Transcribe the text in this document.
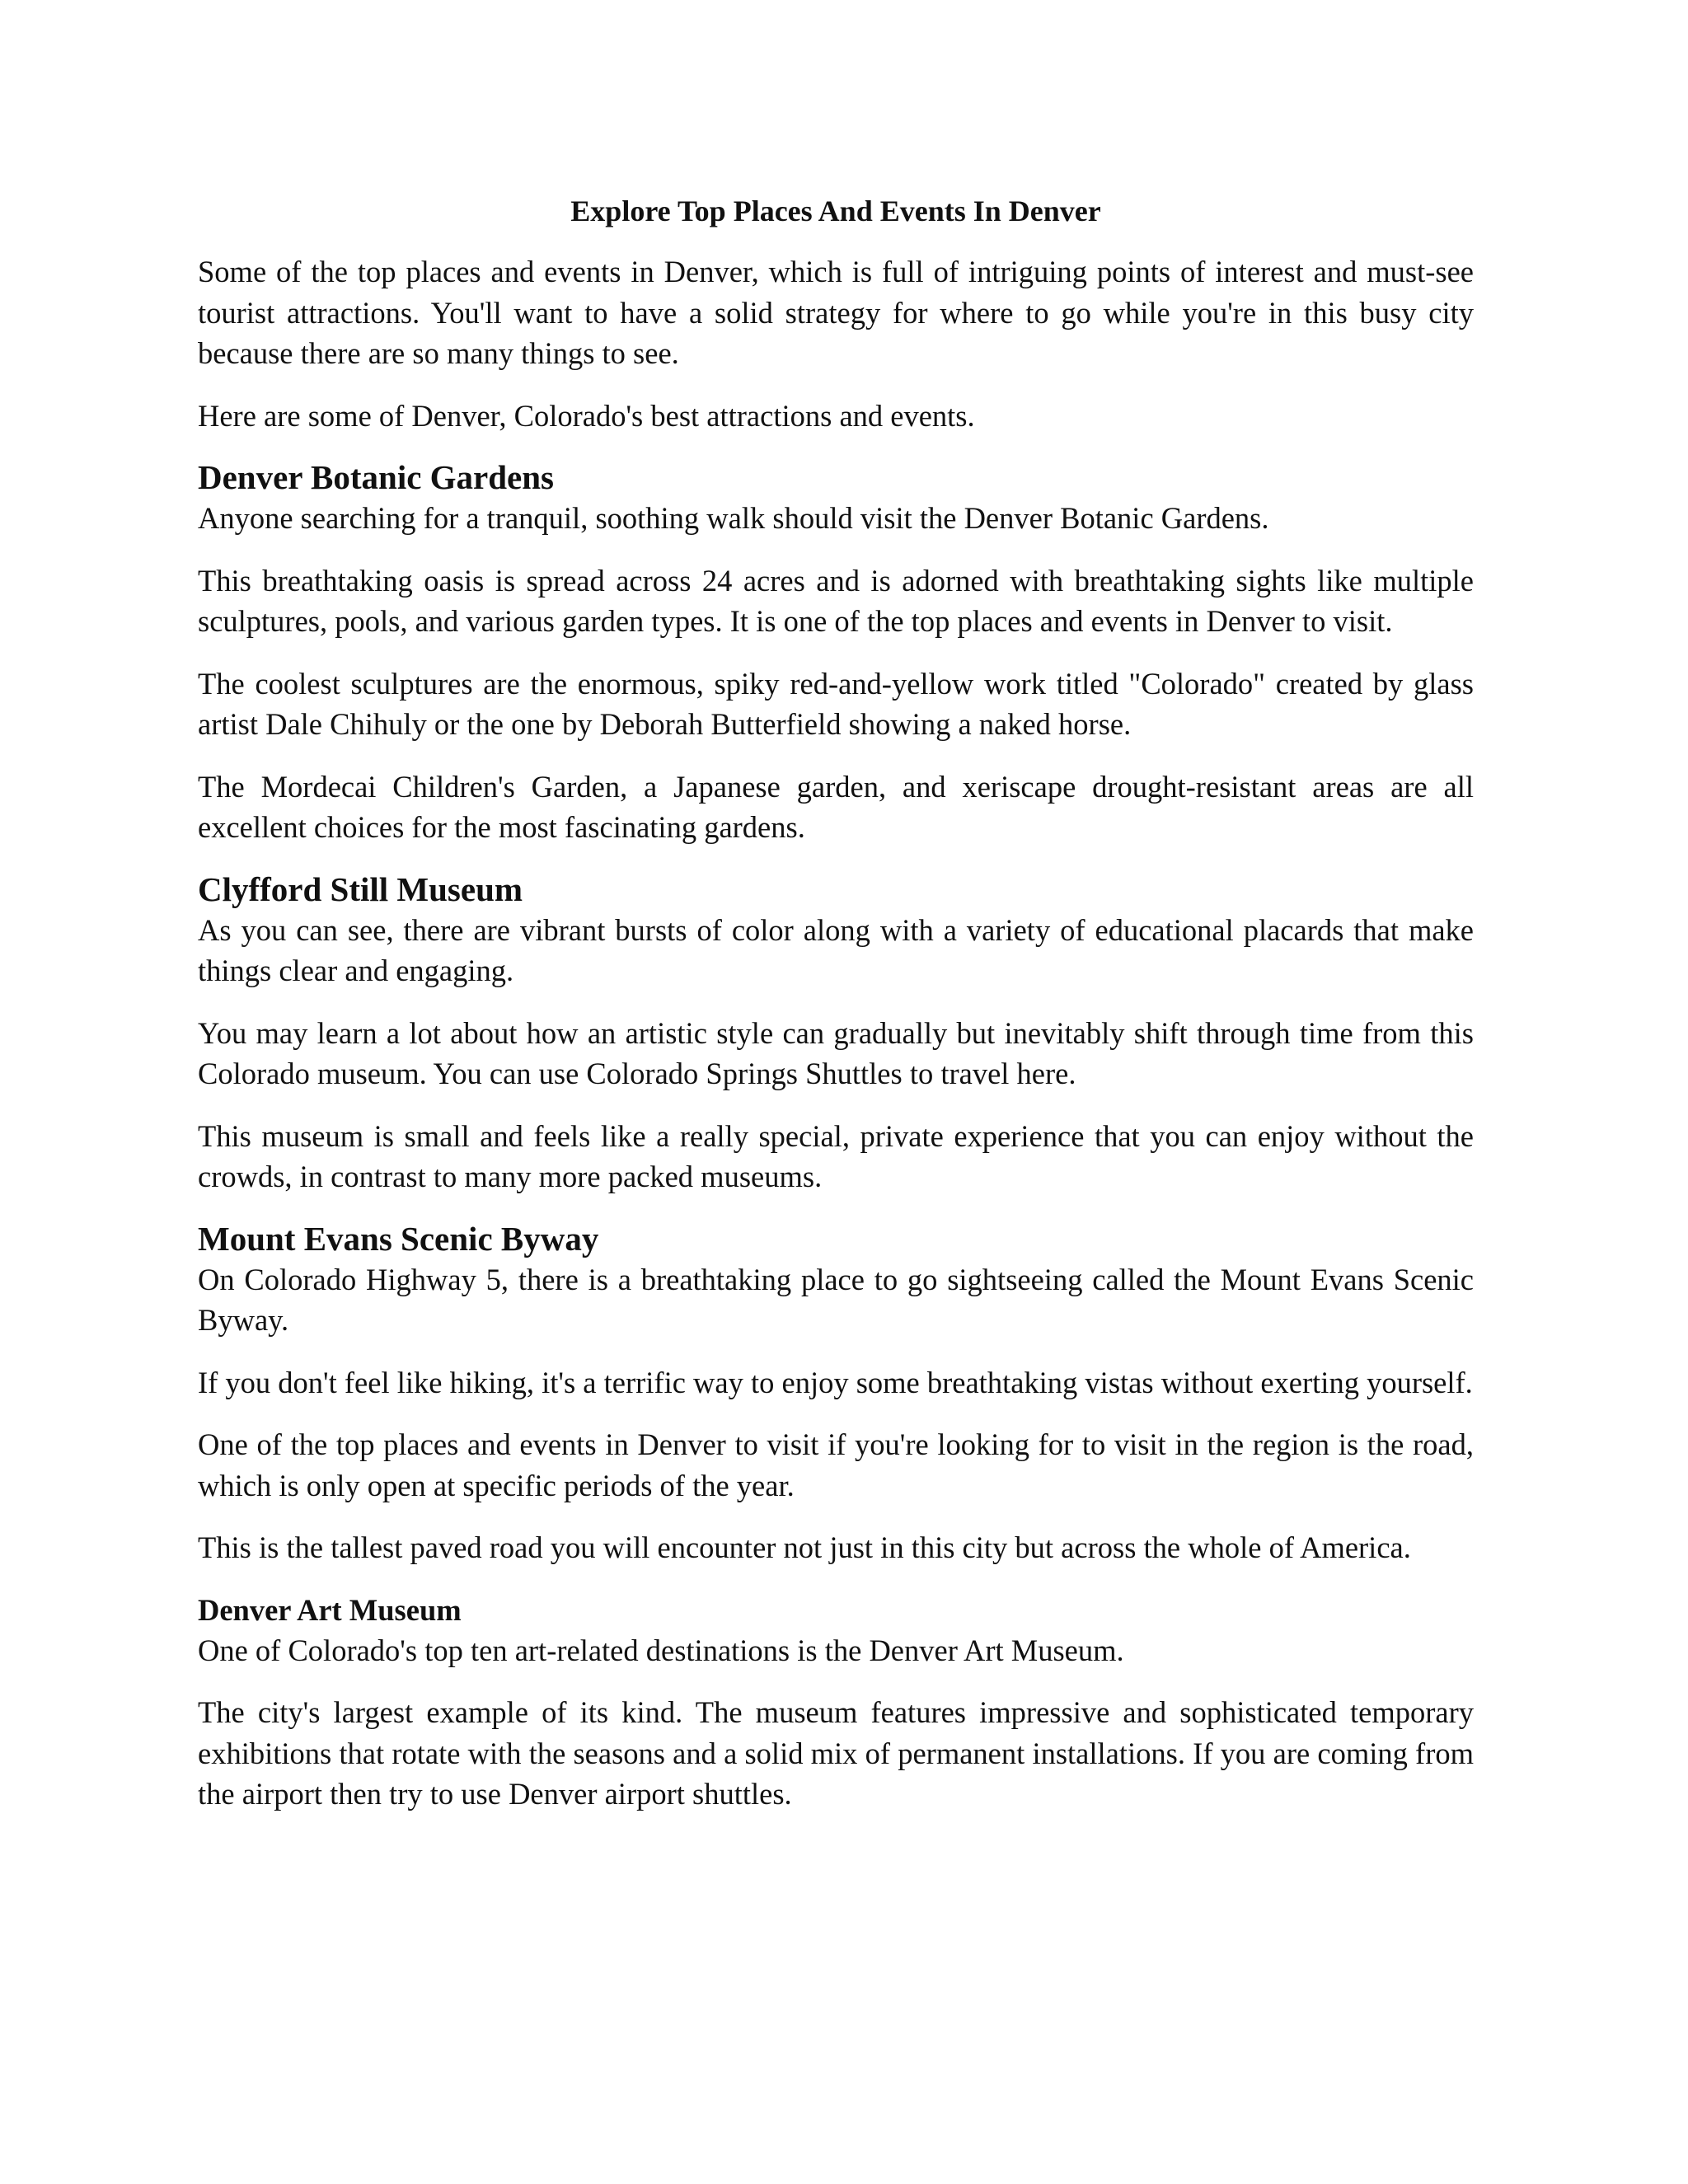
Explore Top Places And Events In Denver

Some of the top places and events in Denver, which is full of intriguing points of interest and must-see tourist attractions. You'll want to have a solid strategy for where to go while you're in this busy city because there are so many things to see.

Here are some of Denver, Colorado's best attractions and events.

Denver Botanic Gardens

Anyone searching for a tranquil, soothing walk should visit the Denver Botanic Gardens.

This breathtaking oasis is spread across 24 acres and is adorned with breathtaking sights like multiple sculptures, pools, and various garden types. It is one of the top places and events in Denver to visit.

The coolest sculptures are the enormous, spiky red-and-yellow work titled "Colorado" created by glass artist Dale Chihuly or the one by Deborah Butterfield showing a naked horse.

The Mordecai Children's Garden, a Japanese garden, and xeriscape drought-resistant areas are all excellent choices for the most fascinating gardens.

Clyfford Still Museum

As you can see, there are vibrant bursts of color along with a variety of educational placards that make things clear and engaging.

You may learn a lot about how an artistic style can gradually but inevitably shift through time from this Colorado museum. You can use Colorado Springs Shuttles to travel here.

This museum is small and feels like a really special, private experience that you can enjoy without the crowds, in contrast to many more packed museums.

Mount Evans Scenic Byway

On Colorado Highway 5, there is a breathtaking place to go sightseeing called the Mount Evans Scenic Byway.

If you don't feel like hiking, it's a terrific way to enjoy some breathtaking vistas without exerting yourself.

One of the top places and events in Denver to visit if you're looking for to visit in the region is the road, which is only open at specific periods of the year.

This is the tallest paved road you will encounter not just in this city but across the whole of America.

Denver Art Museum

One of Colorado's top ten art-related destinations is the Denver Art Museum.

The city's largest example of its kind. The museum features impressive and sophisticated temporary exhibitions that rotate with the seasons and a solid mix of permanent installations. If you are coming from the airport then try to use Denver airport shuttles.
